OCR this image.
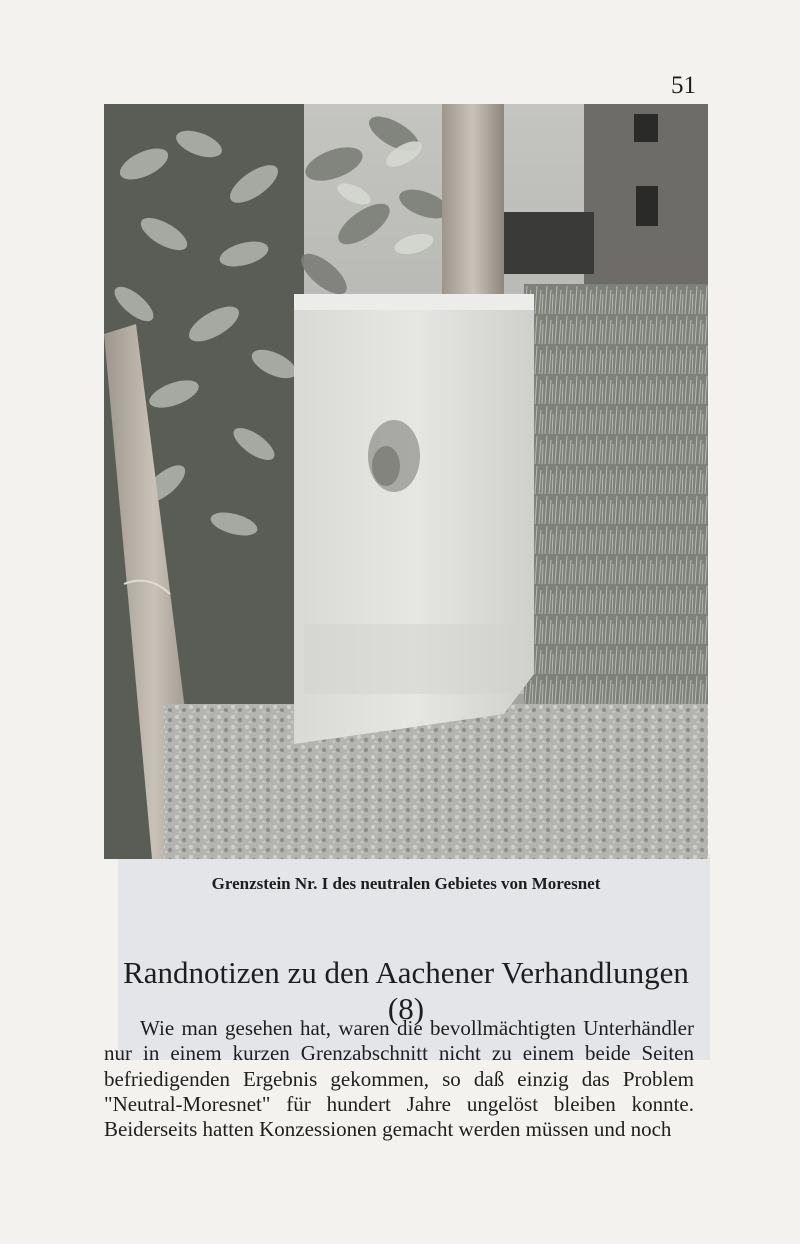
51
Grenzstein Nr. I des neutralen Gebietes von Moresnet
Randnotizen zu den Aachener Verhandlungen (8)

Wie man gesehen hat, waren die bevollmächtigten Unterhändler nur in einem kurzen Grenzabschnitt nicht zu einem beide Seiten befriedigenden Ergebnis gekommen, so daß einzig das Problem "Neutral-Moresnet" für hundert Jahre ungelöst bleiben konnte. Beiderseits hatten Konzessionen gemacht werden müssen und noch
